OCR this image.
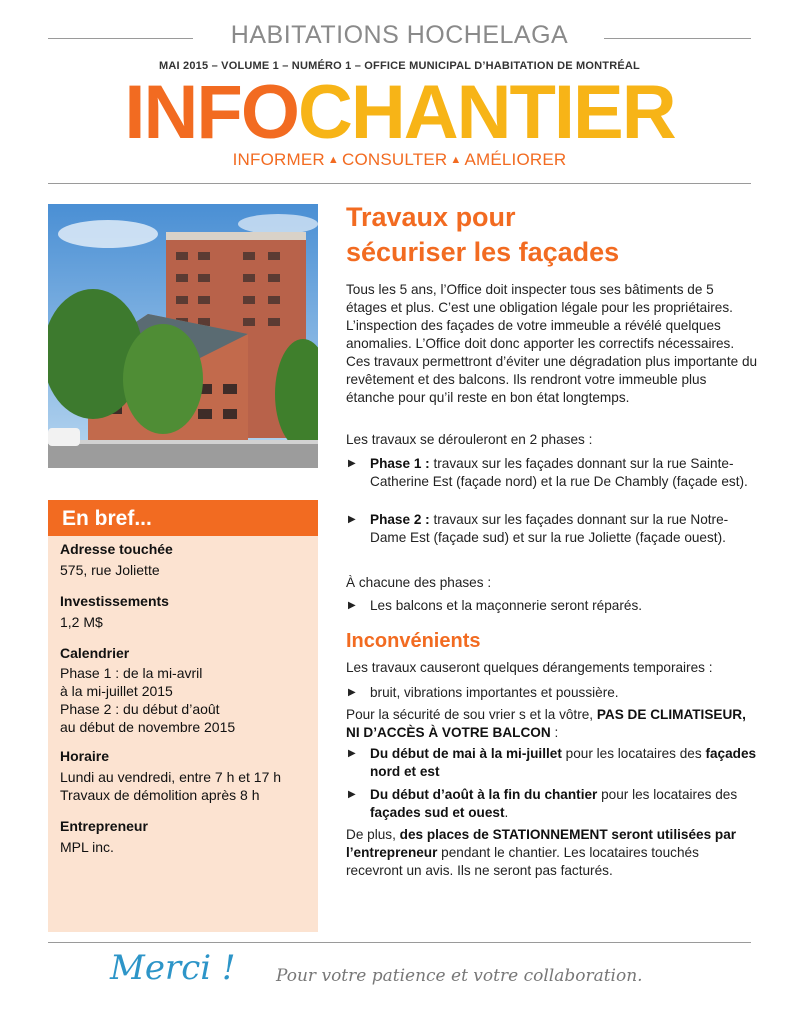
HABITATIONS HOCHELAGA
MAI 2015 – VOLUME 1 – NUMÉRO 1 – OFFICE MUNICIPAL D’HABITATION DE MONTRÉAL
INFOCHANTIER
INFORMER ▲ CONSULTER ▲ AMÉLIORER
Adresse touchée
575, rue Joliette
Investissements
1,2 M$
Calendrier
Phase 1 : de la mi-avril
à la mi-juillet 2015
Phase 2 : du début d’août
au début de novembre 2015
Horaire
Lundi au vendredi, entre 7 h et 17 h
Travaux de démolition après 8 h
Entrepreneur
MPL inc.
En bref...
Travaux pour
sécuriser les façades
Tous les 5 ans, l’Office doit inspecter tous ses bâtiments de 5 étages et plus. C’est une obligation légale pour les propriétaires. L’inspection des façades de votre immeuble a révélé quelques anomalies. L’Office doit donc apporter les correctifs nécessaires. Ces travaux permettront d’éviter une dégradation plus importante du revêtement et des balcons. Ils rendront votre immeuble plus étanche pour qu’il reste en bon état longtemps.
Les travaux se dérouleront en 2 phases :
▶ Phase 1 : travaux sur les façades donnant sur la rue Sainte-Catherine Est (façade nord) et la rue De Chambly (façade est).
▶ Phase 2 : travaux sur les façades donnant sur la rue Notre-Dame Est (façade sud) et sur la rue Joliette (façade ouest).
À chacune des phases :
▶ Les balcons et la maçonnerie seront réparés.
Inconvénients
Les travaux causeront quelques dérangements temporaires :
▶ bruit, vibrations importantes et poussière.
Pour la sécurité de sou vrier s et la vôtre, PAS DE CLIMATISEUR, NI D’ACCÈS À VOTRE BALCON :
▶ Du début de mai à la mi-juillet pour les locataires des façades nord et est
▶ Du début d’août à la fin du chantier pour les locataires des façades sud et ouest.
De plus, des places de STATIONNEMENT seront utilisées par l’entrepreneur pendant le chantier. Les locataires touchés recevront un avis. Ils ne seront pas facturés.
Merci ! Pour votre patience et votre collaboration.
